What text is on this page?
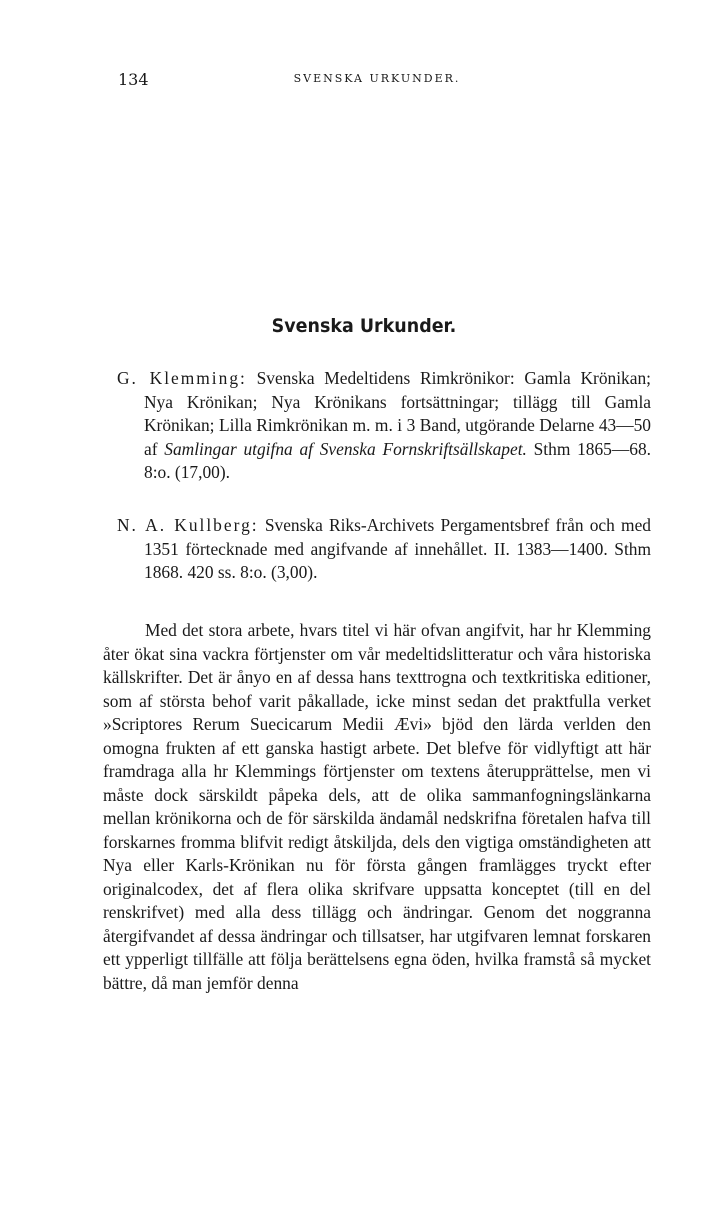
134	SVENSKA URKUNDER.
Svenska Urkunder.

G. Klemming: Svenska Medeltidens Rimkrönikor: Gamla Krönikan; Nya Krönikan; Nya Krönikans fortsättningar; tillägg till Gamla Krönikan; Lilla Rimkrönikan m. m. i 3 Band, utgörande Delarne 43—50 af Samlingar utgifna af Svenska Fornskriftsällskapet. Sthm 1865—68. 8:o. (17,00).

N. A. Kullberg: Svenska Riks-Archivets Pergamentsbref från och med 1351 förtecknade med angifvande af innehållet. II. 1383—1400. Sthm 1868. 420 ss. 8:o. (3,00).

Med det stora arbete, hvars titel vi här ofvan angifvit, har hr Klemming åter ökat sina vackra förtjenster om vår medeltidslitteratur och våra historiska källskrifter. Det är ånyo en af dessa hans texttrogna och textkritiska editioner, som af största behof varit påkallade, icke minst sedan det praktfulla verket »Scriptores Rerum Suecicarum Medii Ævi» bjöd den lärda verlden den omogna frukten af ett ganska hastigt arbete. Det blefve för vidlyftigt att här framdraga alla hr Klemmings förtjenster om textens återupprättelse, men vi måste dock särskildt påpeka dels, att de olika sammanfogningslänkarna mellan krönikorna och de för särskilda ändamål nedskrifna företalen hafva till forskarnes fromma blifvit redigt åtskiljda, dels den vigtiga omständigheten att Nya eller Karls-Krönikan nu för första gången framlägges tryckt efter originalcodex, det af flera olika skrifvare uppsatta konceptet (till en del renskrifvet) med alla dess tillägg och ändringar. Genom det noggranna återgifvandet af dessa ändringar och tillsatser, har utgifvaren lemnat forskaren ett ypperligt tillfälle att följa berättelsens egna öden, hvilka framstå så mycket bättre, då man jemför denna
